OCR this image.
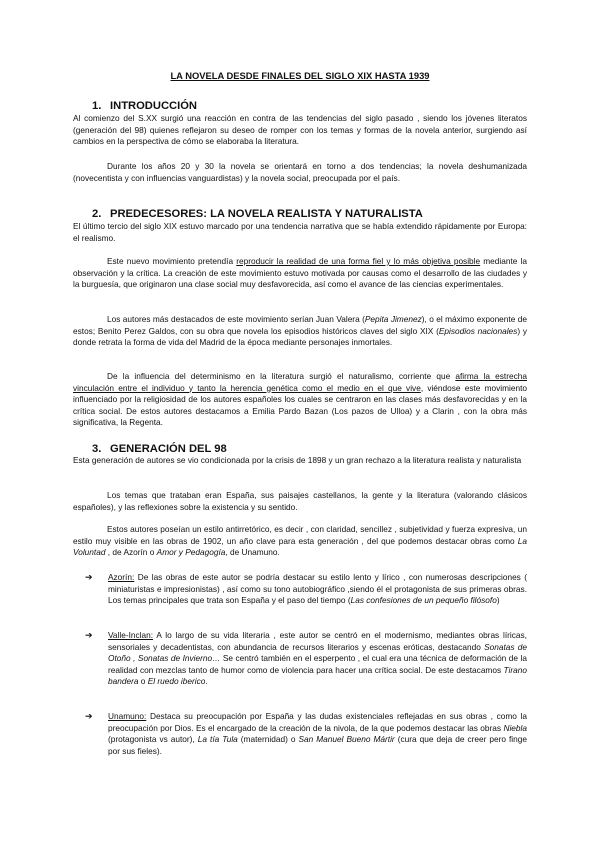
LA NOVELA DESDE FINALES DEL SIGLO XIX HASTA 1939
1. INTRODUCCIÓN
Al comienzo del S.XX surgió una reacción en contra de las tendencias del siglo pasado , siendo los jóvenes literatos (generación del 98) quienes reflejaron su deseo de romper con los temas y formas de la novela anterior, surgiendo así cambios en la perspectiva de cómo se elaboraba la literatura.
Durante los años 20 y 30 la novela se orientará en torno a dos tendencias; la novela deshumanizada (novecentista y con influencias vanguardistas) y la novela social, preocupada por el país.
2. PREDECESORES: LA NOVELA REALISTA Y NATURALISTA
El último tercio del siglo XIX estuvo marcado por una tendencia narrativa que se había extendido rápidamente por Europa: el realismo.
Este nuevo movimiento pretendía reproducir la realidad de una forma fiel y lo más objetiva posible mediante la observación y la crítica. La creación de este movimiento estuvo motivada por causas como el desarrollo de las ciudades y la burguesía, que originaron una clase social muy desfavorecida, así como el avance de las ciencias experimentales.
Los autores más destacados de este movimiento serían Juan Valera (Pepita Jimenez), o el máximo exponente de estos; Benito Perez Galdos, con su obra que novela los episodios históricos claves del siglo XIX (Episodios nacionales) y donde retrata la forma de vida del Madrid de la época mediante personajes inmortales.
De la influencia del determinismo en la literatura surgió el naturalismo, corriente que afirma la estrecha vinculación entre el individuo y tanto la herencia genética como el medio en el que vive, viéndose este movimiento influenciado por la religiosidad de los autores españoles los cuales se centraron en las clases más desfavorecidas y en la crítica social. De estos autores destacamos a Emilia Pardo Bazan (Los pazos de Ulloa) y a Clarin , con la obra más significativa, la Regenta.
3. GENERACIÓN DEL 98
Esta generación de autores se vio condicionada por la crisis de 1898 y un gran rechazo a la literatura realista y naturalista
Los temas que trataban eran España, sus paisajes castellanos, la gente y la literatura (valorando clásicos españoles), y las reflexiones sobre la existencia y su sentido.
Estos autores poseían un estilo antirretórico, es decir , con claridad, sencillez , subjetividad y fuerza expresiva, un estilo muy visible en las obras de 1902, un año clave para esta generación , del que podemos destacar obras como La Voluntad , de Azorín o Amor y Pedagogía, de Unamuno.
➔ Azorín: De las obras de este autor se podría destacar su estilo lento y lírico , con numerosas descripciones ( miniaturistas e impresionistas) , así como su tono autobiográfico ,siendo él el protagonista de sus primeras obras. Los temas principales que trata son España y el paso del tiempo (Las confesiones de un pequeño filósofo)
➔ Valle-Inclan: A lo largo de su vida literaria , este autor se centró en el modernismo, mediantes obras líricas, sensoriales y decadentistas, con abundancia de recursos literarios y escenas eróticas, destacando Sonatas de Otoño , Sonatas de Invierno… Se centró también en el esperpento , el cual era una técnica de deformación de la realidad con mezclas tanto de humor como de violencia para hacer una crítica social. De este destacamos Tirano bandera o El ruedo iberico.
➔ Unamuno: Destaca su preocupación por España y las dudas existenciales reflejadas en sus obras , como la preocupación por Dios. Es el encargado de la creación de la nivola, de la que podemos destacar las obras Niebla (protagonista vs autor), La tía Tula (maternidad) o San Manuel Bueno Mártir (cura que deja de creer pero finge por sus fieles).
